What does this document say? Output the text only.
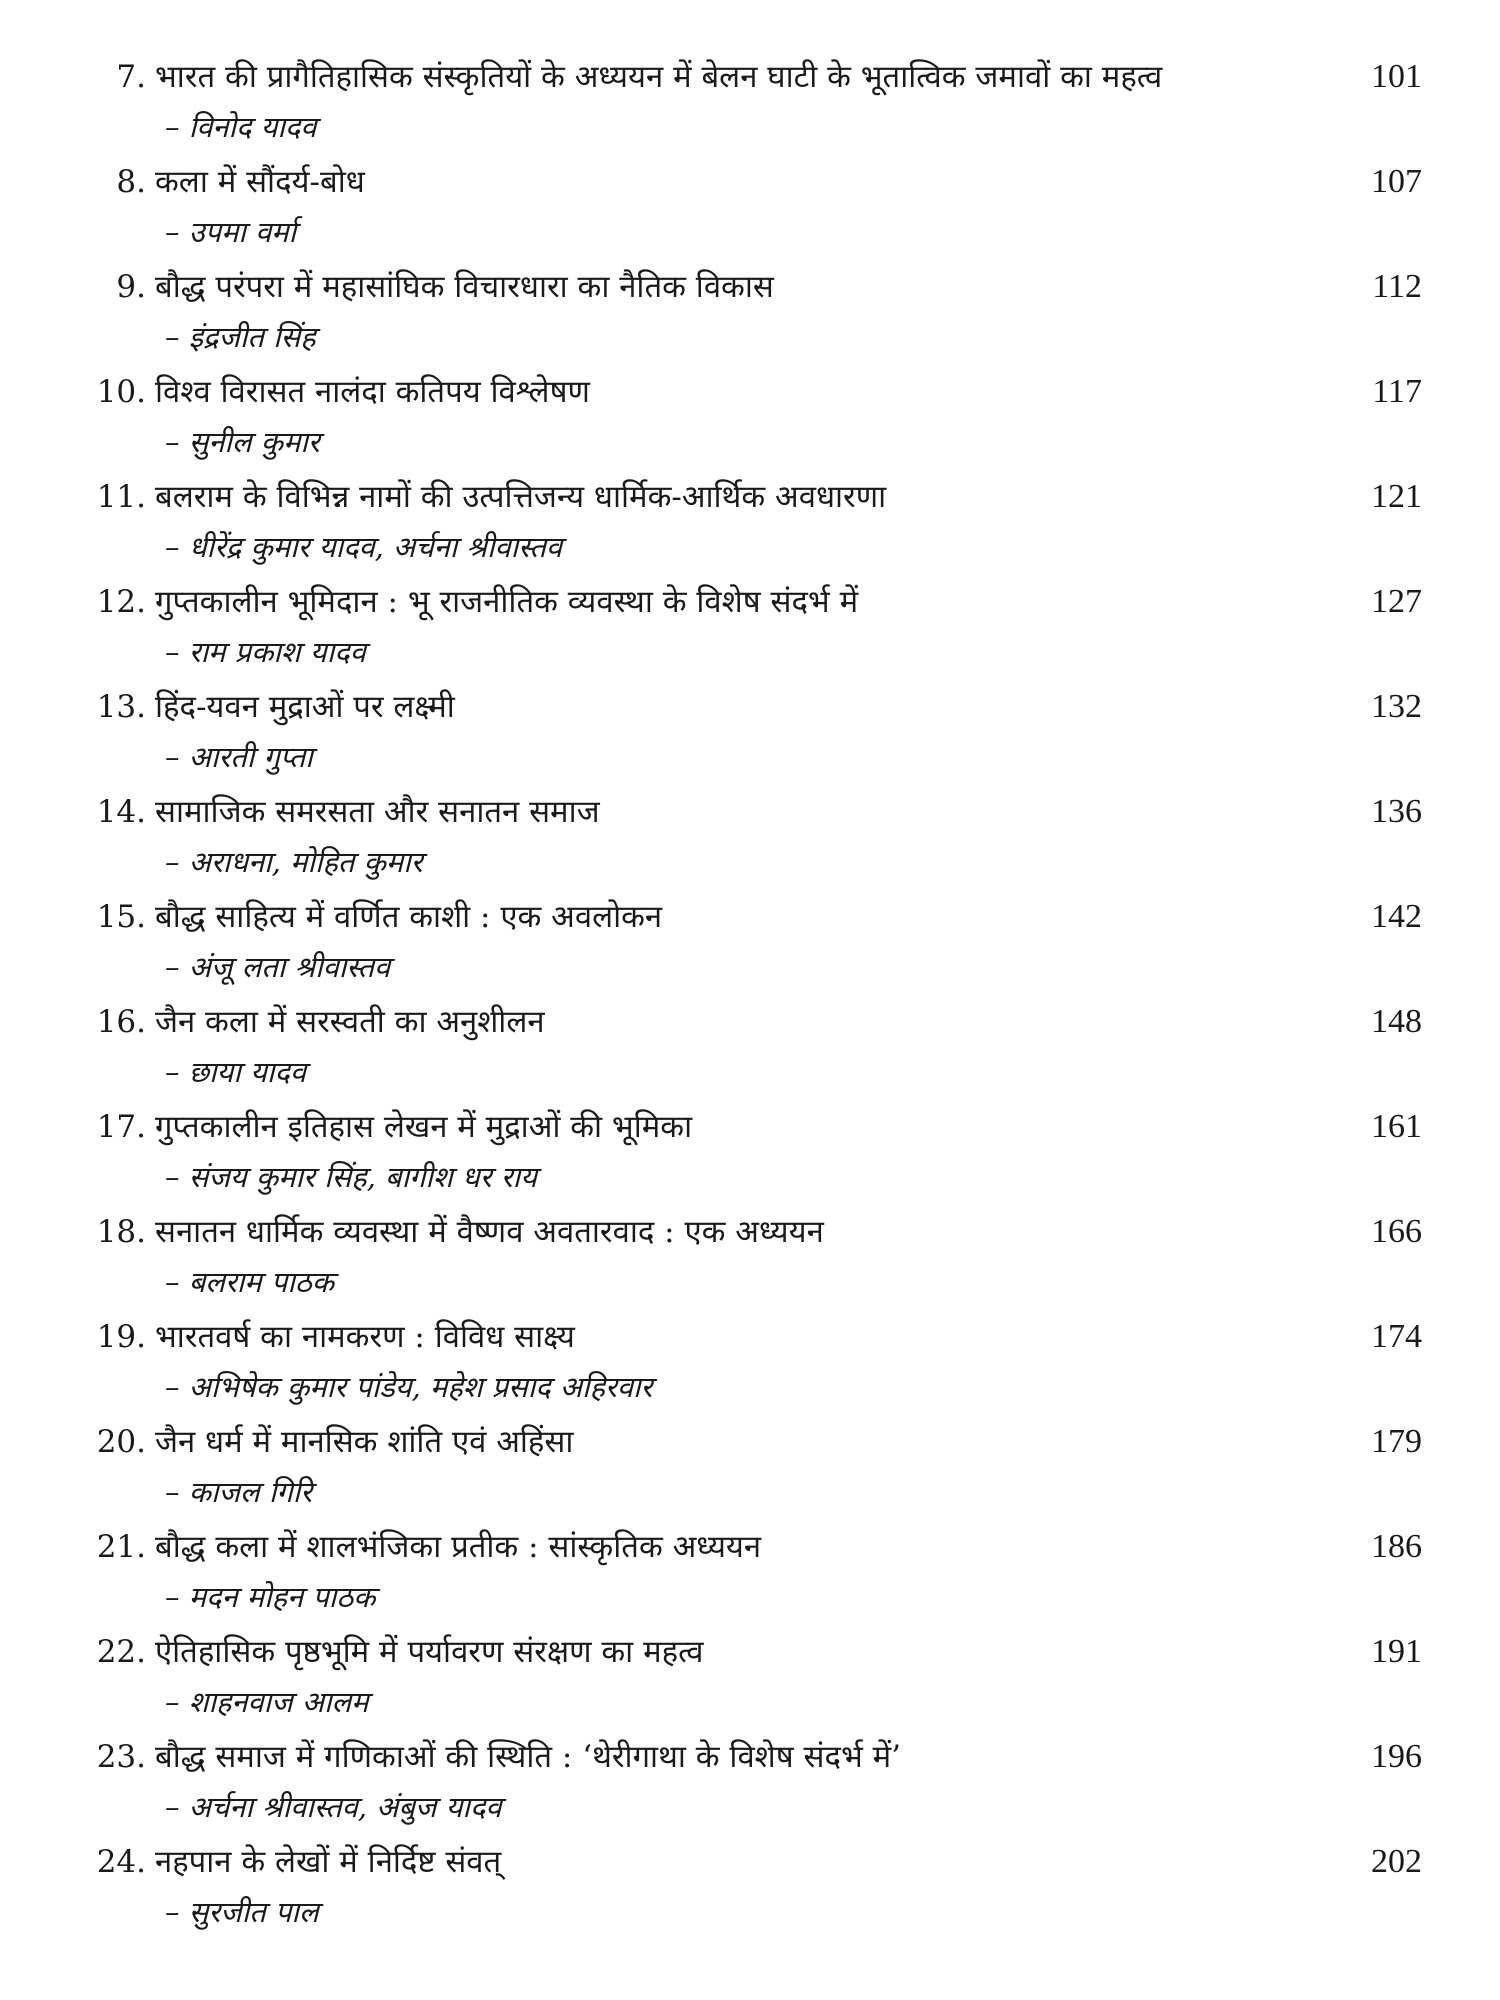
7. भारत की प्रागैतिहासिक संस्कृतियों के अध्ययन में बेलन घाटी के भूतात्विक जमावों का महत्व	101
– विनोद यादव
8. कला में सौंदर्य-बोध	107
– उपमा वर्मा
9. बौद्ध परंपरा में महासांघिक विचारधारा का नैतिक विकास	112
– इंद्रजीत सिंह
10. विश्व विरासत नालंदा कतिपय विश्लेषण	117
– सुनील कुमार
11. बलराम के विभिन्न नामों की उत्पत्तिजन्य धार्मिक-आर्थिक अवधारणा	121
– धीरेंद्र कुमार यादव, अर्चना श्रीवास्तव
12. गुप्तकालीन भूमिदान : भू राजनीतिक व्यवस्था के विशेष संदर्भ में	127
– राम प्रकाश यादव
13. हिंद-यवन मुद्राओं पर लक्ष्मी	132
– आरती गुप्ता
14. सामाजिक समरसता और सनातन समाज	136
– अराधना, मोहित कुमार
15. बौद्ध साहित्य में वर्णित काशी : एक अवलोकन	142
– अंजू लता श्रीवास्तव
16. जैन कला में सरस्वती का अनुशीलन	148
– छाया यादव
17. गुप्तकालीन इतिहास लेखन में मुद्राओं की भूमिका	161
– संजय कुमार सिंह, बागीश धर राय
18. सनातन धार्मिक व्यवस्था में वैष्णव अवतारवाद : एक अध्ययन	166
– बलराम पाठक
19. भारतवर्ष का नामकरण : विविध साक्ष्य	174
– अभिषेक कुमार पांडेय, महेश प्रसाद अहिरवार
20. जैन धर्म में मानसिक शांति एवं अहिंसा	179
– काजल गिरि
21. बौद्ध कला में शालभंजिका प्रतीक : सांस्कृतिक अध्ययन	186
– मदन मोहन पाठक
22. ऐतिहासिक पृष्ठभूमि में पर्यावरण संरक्षण का महत्व	191
– शाहनवाज आलम
23. बौद्ध समाज में गणिकाओं की स्थिति : ‘थेरीगाथा के विशेष संदर्भ में’	196
– अर्चना श्रीवास्तव, अंबुज यादव
24. नहपान के लेखों में निर्दिष्ट संवत्	202
– सुरजीत पाल
